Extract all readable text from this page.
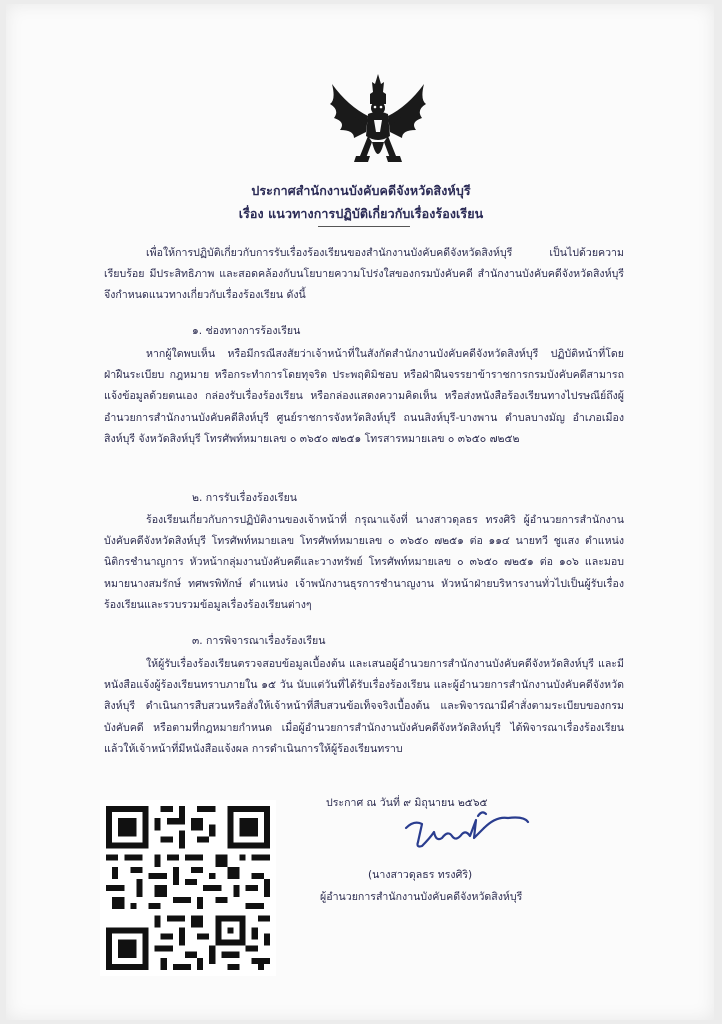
ประกาศสำนักงานบังคับคดีจังหวัดสิงห์บุรี
เรื่อง แนวทางการปฏิบัติเกี่ยวกับเรื่องร้องเรียน

เพื่อให้การปฏิบัติเกี่ยวกับการรับเรื่องร้องเรียนของสำนักงานบังคับคดีจังหวัดสิงห์บุรี เป็นไปด้วยความเรียบร้อย มีประสิทธิภาพ และสอดคล้องกับนโยบายความโปร่งใสของกรมบังคับคดี สำนักงานบังคับคดีจังหวัดสิงห์บุรี จึงกำหนดแนวทางเกี่ยวกับเรื่องร้องเรียน ดังนี้

๑. ช่องทางการร้องเรียน

หากผู้ใดพบเห็น หรือมีกรณีสงสัยว่าเจ้าหน้าที่ในสังกัดสำนักงานบังคับคดีจังหวัดสิงห์บุรี ปฏิบัติหน้าที่โดยฝ่าฝืนระเบียบ กฎหมาย หรือกระทำการโดยทุจริต ประพฤติมิชอบ หรือฝ่าฝืนจรรยาข้าราชการกรมบังคับคดีสามารถแจ้งข้อมูลด้วยตนเอง กล่องรับเรื่องร้องเรียน หรือกล่องแสดงความคิดเห็น หรือส่งหนังสือร้องเรียนทางไปรษณีย์ถึงผู้อำนวยการสำนักงานบังคับคดีสิงห์บุรี ศูนย์ราชการจังหวัดสิงห์บุรี ถนนสิงห์บุรี-บางพาน ตำบลบางมัญ อำเภอเมืองสิงห์บุรี จังหวัดสิงห์บุรี โทรศัพท์หมายเลข ๐ ๓๖๕๐ ๗๒๕๑ โทรสารหมายเลข ๐ ๓๖๕๐ ๗๒๕๒

๒. การรับเรื่องร้องเรียน

ร้องเรียนเกี่ยวกับการปฏิบัติงานของเจ้าหน้าที่ กรุณาแจ้งที่ นางสาวดุลธร ทรงศิริ ผู้อำนวยการสำนักงานบังคับคดีจังหวัดสิงห์บุรี โทรศัพท์หมายเลข โทรศัพท์หมายเลข ๐ ๓๖๕๐ ๗๒๕๑ ต่อ ๑๑๔ นายทวี ชูแสง ตำแหน่ง นิติกรชำนาญการ หัวหน้ากลุ่มงานบังคับคดีและวางทรัพย์ โทรศัพท์หมายเลข ๐ ๓๖๕๐ ๗๒๕๑ ต่อ ๑๐๖ และมอบหมายนางสมรักษ์ ทศพรพิทักษ์ ตำแหน่ง เจ้าพนักงานธุรการชำนาญงาน หัวหน้าฝ่ายบริหารงานทั่วไปเป็นผู้รับเรื่องร้องเรียนและรวบรวมข้อมูลเรื่องร้องเรียนต่างๆ

๓. การพิจารณาเรื่องร้องเรียน

ให้ผู้รับเรื่องร้องเรียนตรวจสอบข้อมูลเบื้องต้น และเสนอผู้อำนวยการสำนักงานบังคับคดีจังหวัดสิงห์บุรี และมีหนังสือแจ้งผู้ร้องเรียนทราบภายใน ๑๕ วัน นับแต่วันที่ได้รับเรื่องร้องเรียน และผู้อำนวยการสำนักงานบังคับคดีจังหวัดสิงห์บุรี ดำเนินการสืบสวนหรือสั่งให้เจ้าหน้าที่สืบสวนข้อเท็จจริงเบื้องต้น และพิจารณามีคำสั่งตามระเบียบของกรมบังคับคดี หรือตามที่กฎหมายกำหนด เมื่อผู้อำนวยการสำนักงานบังคับคดีจังหวัดสิงห์บุรี ได้พิจารณาเรื่องร้องเรียนแล้วให้เจ้าหน้าที่มีหนังสือแจ้งผล การดำเนินการให้ผู้ร้องเรียนทราบ

ประกาศ ณ วันที่ ๙ มิถุนายน ๒๕๖๕
(นางสาวดุลธร ทรงศิริ)
ผู้อำนวยการสำนักงานบังคับคดีจังหวัดสิงห์บุรี
